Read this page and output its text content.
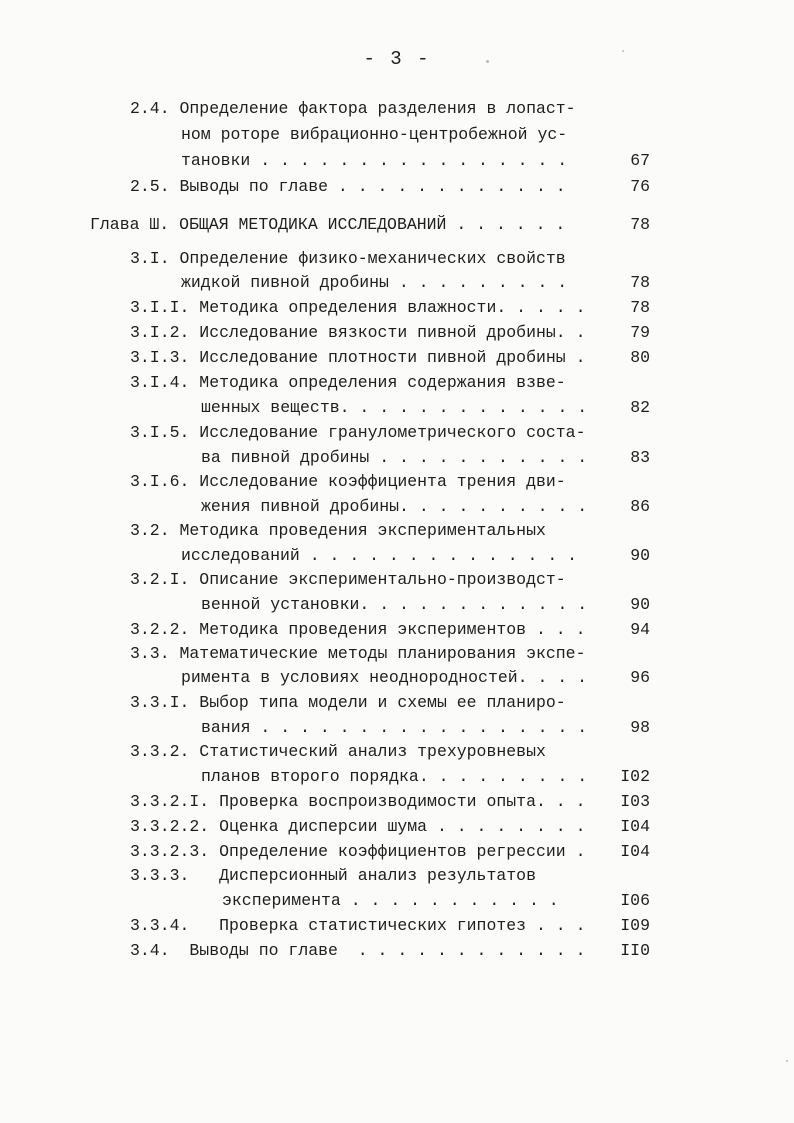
- 3 -
2.4. Определение фактора разделения в лопаст-
ном роторе вибрационно-центробежной ус-
тановки . . . . . . . . . . . . . . . .	67
2.5. Выводы по главе . . . . . . . . . . . .	76
Глава Ш. ОБЩАЯ МЕТОДИКА ИССЛЕДОВАНИЙ . . . . . .	78
3.I. Определение физико-механических свойств
жидкой пивной дробины . . . . . . . . .	78
3.I.I. Методика определения влажности. . . . .	78
3.I.2. Исследование вязкости пивной дробины. .	79
3.I.3. Исследование плотности пивной дробины .	80
3.I.4. Методика определения содержания взве-
шенных веществ. . . . . . . . . . . . .	82
3.I.5. Исследование гранулометрического соста-
ва пивной дробины . . . . . . . . . . .	83
3.I.6. Исследование коэффициента трения дви-
жения пивной дробины. . . . . . . . . .	86
3.2. Методика проведения экспериментальных
исследований . . . . . . . . . . . . . .	90
3.2.I. Описание экспериментально-производст-
венной установки. . . . . . . . . . . .	90
3.2.2. Методика проведения экспериментов . . .	94
3.3. Математические методы планирования экспе-
римента в условиях неоднородностей. . . .	96
3.3.I. Выбор типа модели и схемы ее планиро-
вания . . . . . . . . . . . . . . . . .	98
3.3.2. Статистический анализ трехуровневых
планов второго порядка. . . . . . . . .	I02
3.3.2.I. Проверка воспроизводимости опыта. . .	I03
3.3.2.2. Оценка дисперсии шума . . . . . . . .	I04
3.3.2.3. Определение коэффициентов регрессии .	I04
3.3.3.   Дисперсионный анализ результатов
эксперимента . . . . . . . . . . .	I06
3.3.4.   Проверка статистических гипотез . . .	I09
3.4.  Выводы по главе  . . . . . . . . . . . .	II0
